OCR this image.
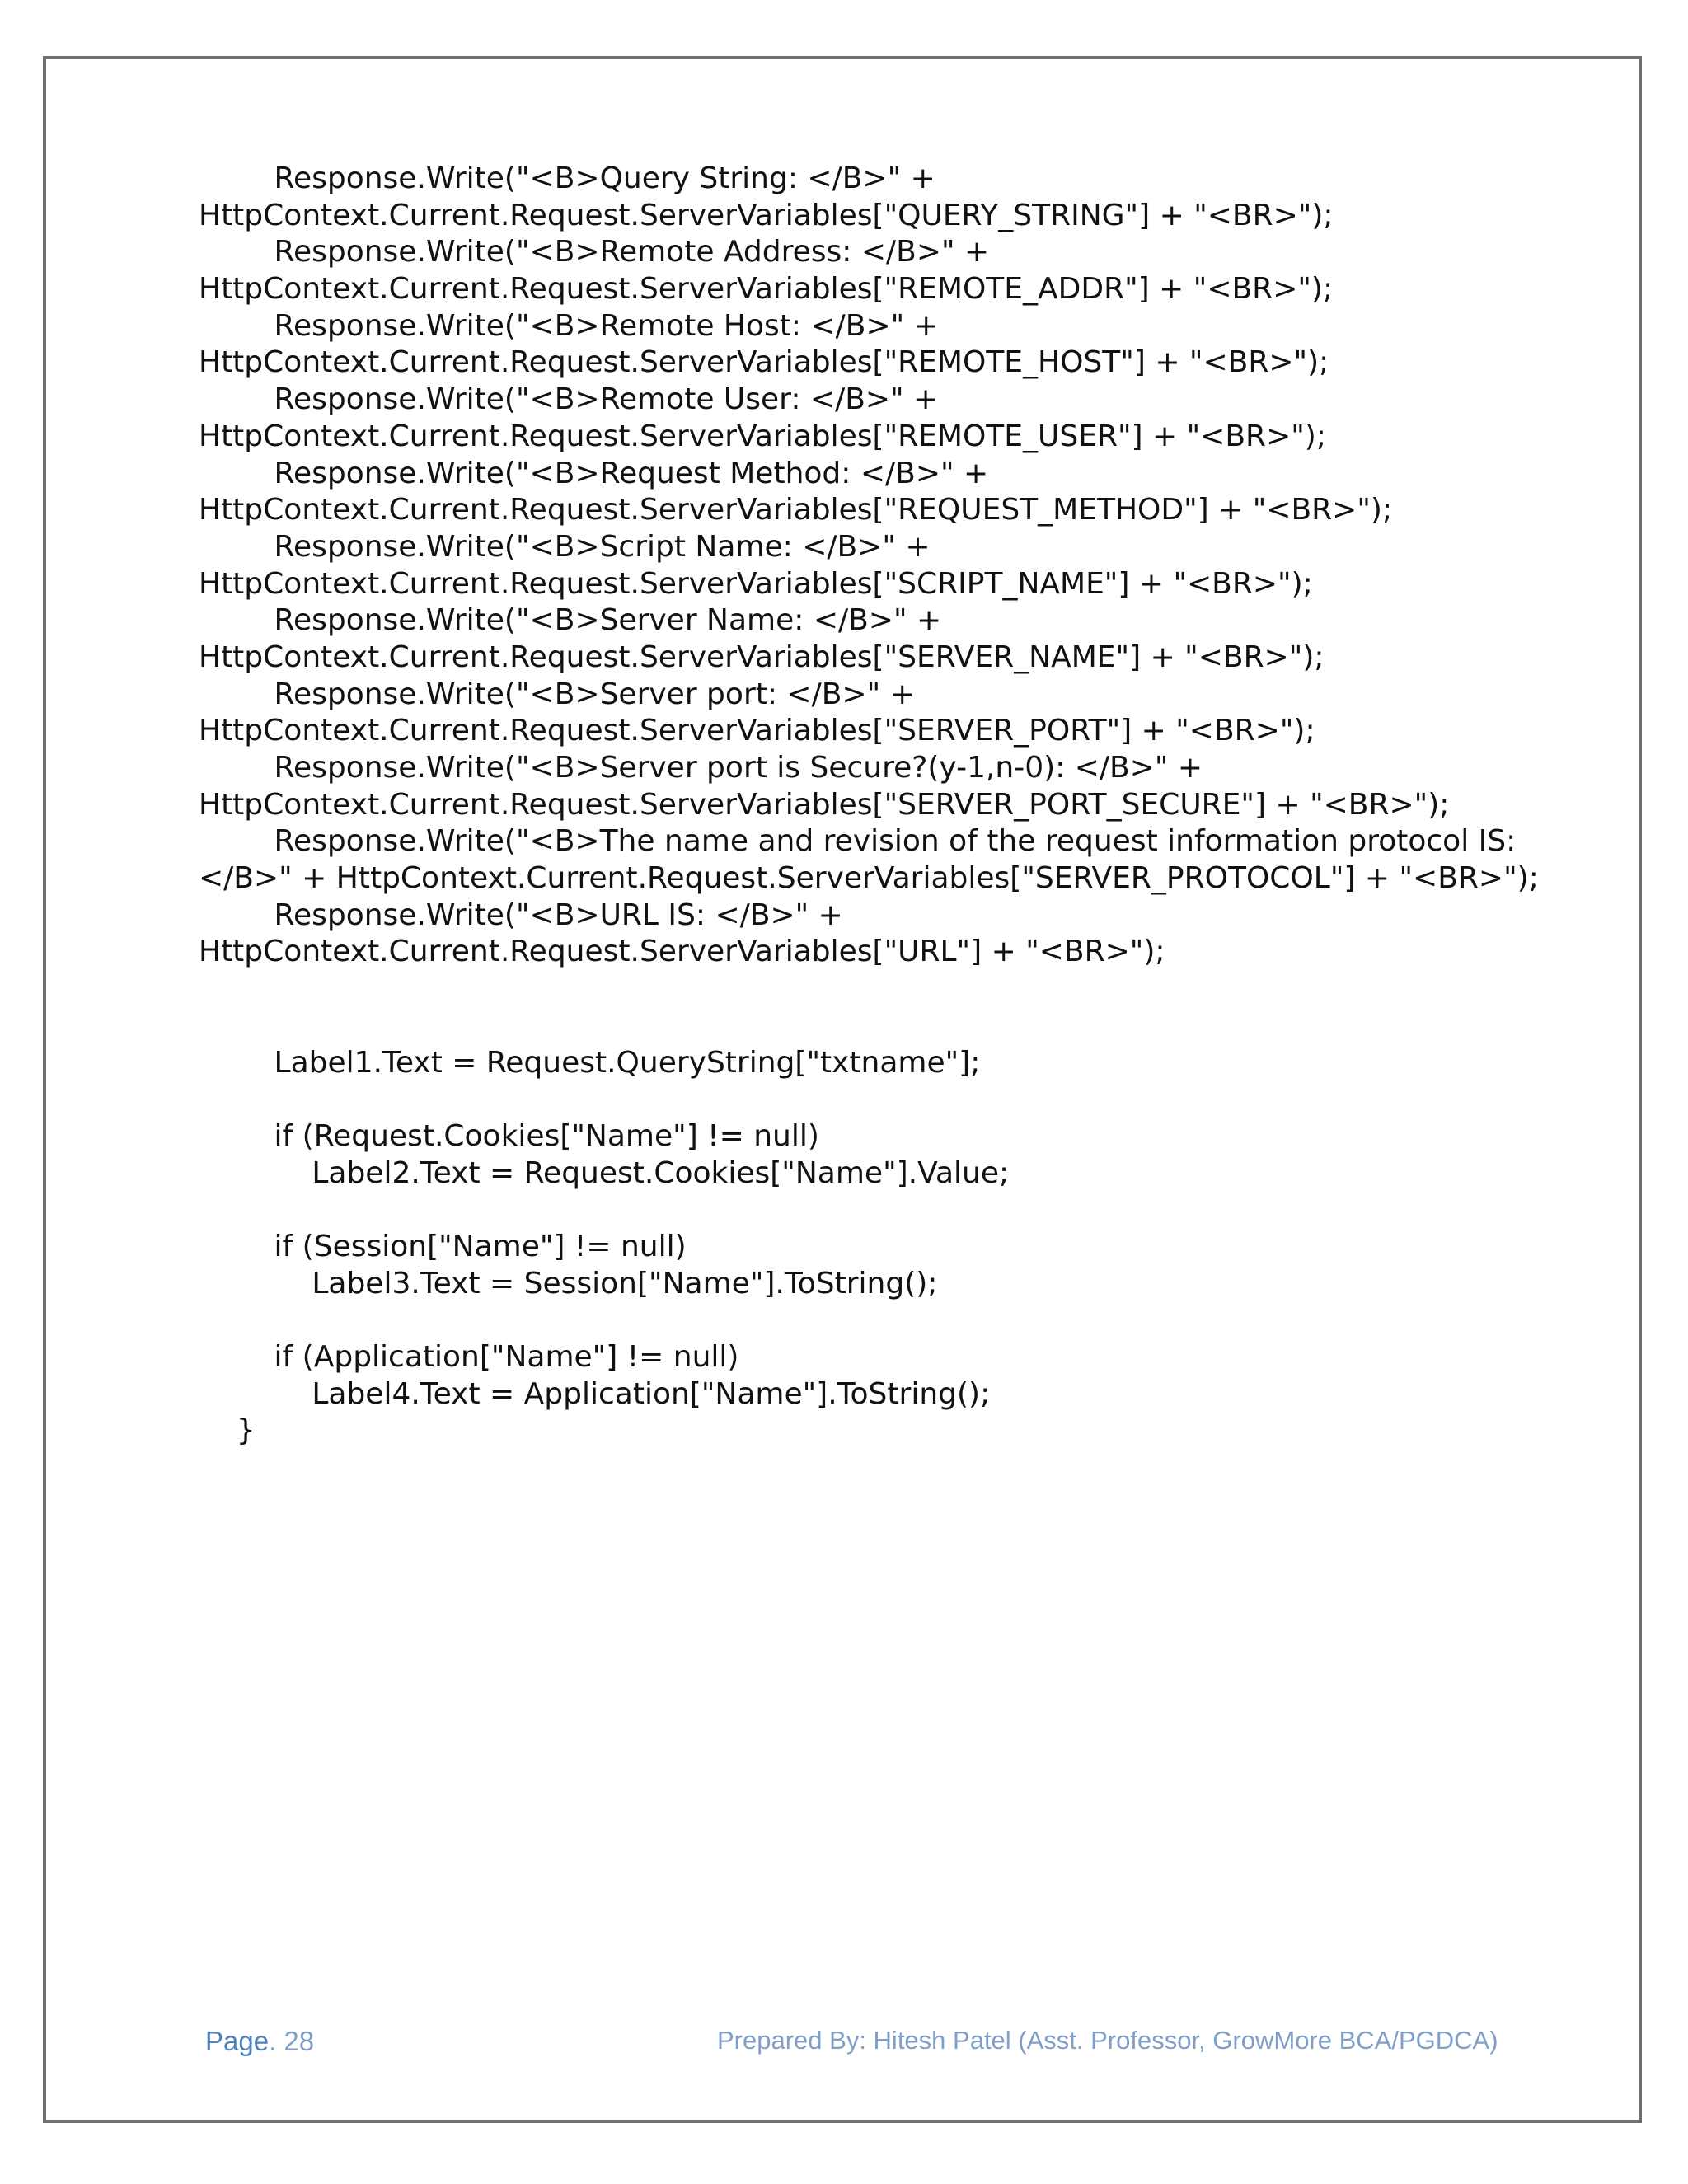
Response.Write("<B>Query String: </B>" +
HttpContext.Current.Request.ServerVariables["QUERY_STRING"] + "<BR>");
Response.Write("<B>Remote Address: </B>" +
HttpContext.Current.Request.ServerVariables["REMOTE_ADDR"] + "<BR>");
Response.Write("<B>Remote Host: </B>" +
HttpContext.Current.Request.ServerVariables["REMOTE_HOST"] + "<BR>");
Response.Write("<B>Remote User: </B>" +
HttpContext.Current.Request.ServerVariables["REMOTE_USER"] + "<BR>");
Response.Write("<B>Request Method: </B>" +
HttpContext.Current.Request.ServerVariables["REQUEST_METHOD"] + "<BR>");
Response.Write("<B>Script Name: </B>" +
HttpContext.Current.Request.ServerVariables["SCRIPT_NAME"] + "<BR>");
Response.Write("<B>Server Name: </B>" +
HttpContext.Current.Request.ServerVariables["SERVER_NAME"] + "<BR>");
Response.Write("<B>Server port: </B>" +
HttpContext.Current.Request.ServerVariables["SERVER_PORT"] + "<BR>");
Response.Write("<B>Server port is Secure?(y-1,n-0): </B>" +
HttpContext.Current.Request.ServerVariables["SERVER_PORT_SECURE"] + "<BR>");
Response.Write("<B>The name and revision of the request information protocol IS:
</B>" + HttpContext.Current.Request.ServerVariables["SERVER_PROTOCOL"] + "<BR>");
Response.Write("<B>URL IS: </B>" +
HttpContext.Current.Request.ServerVariables["URL"] + "<BR>");
Label1.Text = Request.QueryString["txtname"];
if (Request.Cookies["Name"] != null)
Label2.Text = Request.Cookies["Name"].Value;
if (Session["Name"] != null)
Label3.Text = Session["Name"].ToString();
if (Application["Name"] != null)
Label4.Text = Application["Name"].ToString();
}
Page. 28	Prepared By: Hitesh Patel (Asst. Professor, GrowMore BCA/PGDCA)
